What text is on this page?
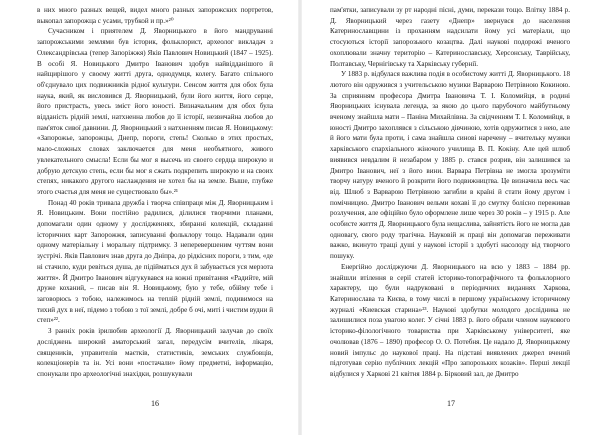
в них много разных вещей, видел много разных запорожских портретов, выкопал запорожца с усами, трубкой и пр.»²⁰

Сучасником і приятелем Д. Яворницького в його мандруванні запорожськими землями був історик, фольклорист, археолог викладач з Олександрівська (тепер Запоріжжя) Яків Павлович Новицький (1847 – 1925). В особі Я. Новицького Дмитро Іванович здобув найвідданішого й найщирішого у своєму житті друга, однодумця, колегу. Багато спільного об'єднувало цих подвижників рідної культури. Сенсом життя для обох була наука, який, як висловився Д. Яворницький, були його життя, його серце, його пристрасть, увесь зміст його юності. Визначальним для обох була відданість рідній землі, натхненна любов до її історії, незвичайна любов до пам'яток сивої давнини. Д. Яворницький з натхненням писав Я. Новицькому: «Запорожье, запорожцы, Днепр, пороги, степь! Сколько в этих простых, мало-сложных словах заключается для меня необъятного, живого увлекательного смысла! Если бы мог я высечь из своего сердца широкую и добрую детскую степь, если бы мог я сжать подкрепить широкую и на своих степях, никакого другого наслаждения не хотел бы на земле. Выше, глубже этого счастья для меня не существовало бы».²¹

Понад 40 років тривала дружба і творча співпраця між Д. Яворницьким і Я. Новицьким. Вони постійно радилися, ділилися творчими планами, допомагали один одному у дослідженнях, збиранні колекцій, складанні історичних карт Запорожжя, записуванні фольклору тощо. Надавали один одному матеріальну і моральну підтримку. З неперевершеним чуттям вони зустрічі. Яків Павлович знав друга до Дніпра, до рідкісних пороги, з тим, «де ні стачило, куди ревіться душа, де підійматься дух й забувається уся мерзота життя». Й Дмитро Іванович відгукувався на кожні привітання «Радийте, мій друже коханий, – писав він Я. Новицькому, бую у тебе, обійму тебе і заговорюсь з тобою, належимось на теплій рідній землі, подивимося на тихий дух в неї, підемо з тобою з тої землі, добре б очі, миті і чистим вудни й степ»²².

З ранніх років ірилюбив археології Д. Яворницький залучав до своїх досліджень широкий аматорський загал, передусім вчителів, лікаря, священиків, управителів маєтків, статистиків, земських службовців, колекціонерів та ін. Усі вони «постачали» йому предметні, інформацію, спонукали про археологічні знахідки, розшукували

16

пам'ятки, записували зу рт народні пісні, думи, перекази тощо. Влітку 1884 р. Д. Яворницький через газету «Днепр» звернувся до населення Катеринославщини із проханням надсилати йому усі матеріали, що стосуються історії запорозького козацтва. Далі наукові подорожі вченого охоплювали значну територію – Катеринославську, Херсонську, Таврійську, Полтавську, Чернігівську та Харківську губернії.

У 1883 р. відбулася важлива подія в особистому житті Д. Яворницького. 18 лютого він одружився з учительською музики Варварою Петрівною Кокиною. За сприянням професора Дмитра Івановича Т. І. Коломийця, в родині Яворницьких існувала легенда, за якою до цього парубочого майбутньому вченому знайшла мати – Паніна Михайлівна. За свідченням Т. І. Коломийця, в юності Дмитро захоплявся з сільською дівчиною, хотів одружитися з нею, але й його мати була проти, і сама знайшла синові наречену – вчительку музики харківського єпархіального жіночого училища В. П. Кокіну. Але цей шлюб виявився невдалим й незабаром у 1885 р. стався розрив, він залишився за Дмитро Іванович, неї з його вини. Варвара Петрівна не змогла зрозуміти творчу натуру вченого й розкрити його подвижництва. Це визначила весь час від. Шлюб з Варварою Петрівною загибли в країні й стати йому другом і помічницею. Дмитро Іванович вельми кохаві її до смутку болісно переживав розлучення, але офіційно було оформлене лише через 30 років – у 1915 р. Але особисте життя Д. Яворницького була нещаслива, зайнятість його не могла дав одновагу, свого роду трагічна. Науковій ж праці він допомагав переживати важко, вкинуто тращі душі у наукові історії з здобуті насолоду від творчого пошуку.

Енергійно досліджуючи Д. Яворницького на всю у 1883 – 1884 рр. знайшли втілення в серії статей історико-топографічного та фольклорного характеру, що були надруковані в періодичних виданнях Харкова, Катеринослава та Києва, в тому числі в першому українському історичному журналі «Киевская старина»²³. Наукові здобутки молодого дослідника не залишилися поза увагою колег. У січні 1883 р. його обрали членом наукового історико-філологічного товариства при Харківському університеті, яке очолював (1876 – 1890) професор О. О. Потебня. Це надало Д. Яворницькому новий імпульс до наукової праці. На підставі виявлених джерел вчений підготував серію публічних лекцій «Про запорозьких козаків». Перші лекції відбулися у Харкові 21 квітня 1884 р. Бірковий зал, де Дмитро

17
